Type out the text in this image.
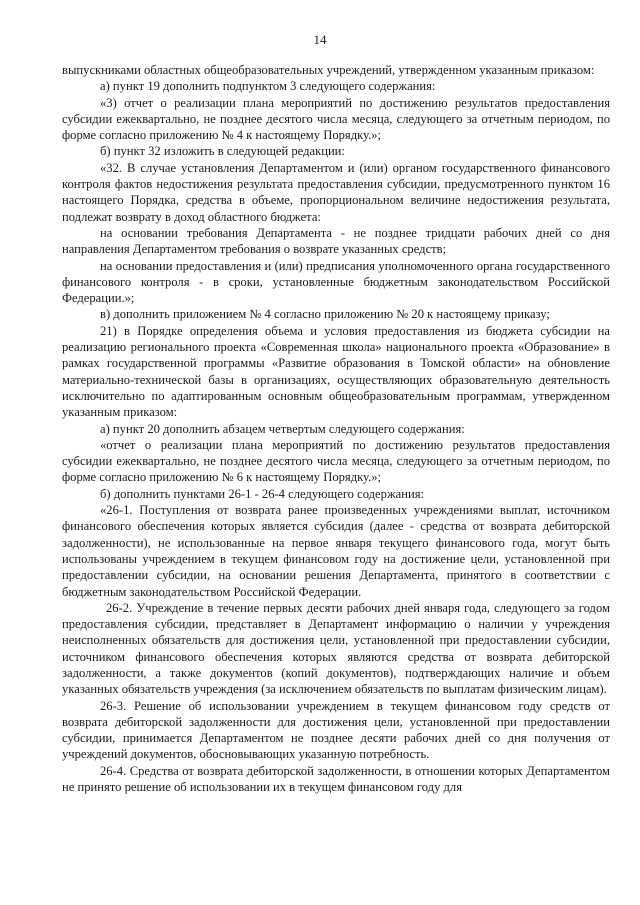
14

выпускниками областных общеобразовательных учреждений, утвержденном указанным приказом:

а) пункт 19 дополнить подпунктом 3 следующего содержания:

«3) отчет о реализации плана мероприятий по достижению результатов предоставления субсидии ежеквартально, не позднее десятого числа месяца, следующего за отчетным периодом, по форме согласно приложению № 4 к настоящему Порядку.»;

б) пункт 32 изложить в следующей редакции:

«32. В случае установления Департаментом и (или) органом государственного финансового контроля фактов недостижения результата предоставления субсидии, предусмотренного пунктом 16 настоящего Порядка, средства в объеме, пропорциональном величине недостижения результата, подлежат возврату в доход областного бюджета:

на основании требования Департамента - не позднее тридцати рабочих дней со дня направления Департаментом требования о возврате указанных средств;

на основании предоставления и (или) предписания уполномоченного органа государственного финансового контроля - в сроки, установленные бюджетным законодательством Российской Федерации.»;

в) дополнить приложением № 4 согласно приложению № 20 к настоящему приказу;

21) в Порядке определения объема и условия предоставления из бюджета субсидии на реализацию регионального проекта «Современная школа» национального проекта «Образование» в рамках государственной программы «Развитие образования в Томской области» на обновление материально-технической базы в организациях, осуществляющих образовательную деятельность исключительно по адаптированным основным общеобразовательным программам, утвержденном указанным приказом:

а) пункт 20 дополнить абзацем четвертым следующего содержания:

«отчет о реализации плана мероприятий по достижению результатов предоставления субсидии ежеквартально, не позднее десятого числа месяца, следующего за отчетным периодом, по форме согласно приложению № 6 к настоящему Порядку.»;

б) дополнить пунктами 26-1 - 26-4 следующего содержания:

«26-1. Поступления от возврата ранее произведенных учреждениями выплат, источником финансового обеспечения которых является субсидия (далее - средства от возврата дебиторской задолженности), не использованные на первое января текущего финансового года, могут быть использованы учреждением в текущем финансовом году на достижение цели, установленной при предоставлении субсидии, на основании решения Департамента, принятого в соответствии с бюджетным законодательством Российской Федерации.

26-2. Учреждение в течение первых десяти рабочих дней января года, следующего за годом предоставления субсидии, представляет в Департамент информацию о наличии у учреждения неисполненных обязательств для достижения цели, установленной при предоставлении субсидии, источником финансового обеспечения которых являются средства от возврата дебиторской задолженности, а также документов (копий документов), подтверждающих наличие и объем указанных обязательств учреждения (за исключением обязательств по выплатам физическим лицам).

26-3. Решение об использовании учреждением в текущем финансовом году средств от возврата дебиторской задолженности для достижения цели, установленной при предоставлении субсидии, принимается Департаментом не позднее десяти рабочих дней со дня получения от учреждений документов, обосновывающих указанную потребность.

26-4. Средства от возврата дебиторской задолженности, в отношении которых Департаментом не принято решение об использовании их в текущем финансовом году для
